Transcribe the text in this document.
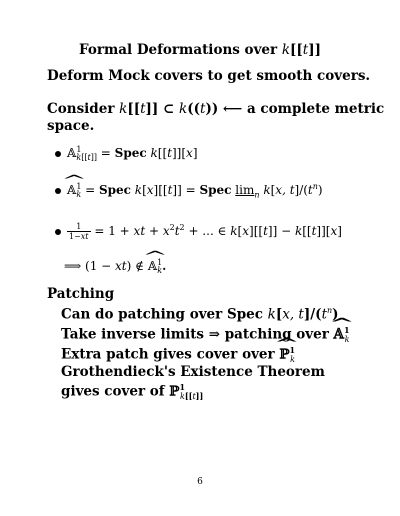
Formal Deformations over k[[t]]
Deform Mock covers to get smooth covers.
Consider k[[t]] ⊂ k((t)) ⟵ a complete metric
space.
𝔸$^1_{k[[t]]}$ = Spec k[[t]][x]
^ 𝔸$^1_k$ = Spec k[x][[t]] = Spec $\lim_n k[x$, $t]/(t^n)$
$\frac{1}{1-xt} = 1$ + xt + $x^2t^2$ + ... ∈ k[x][[t]] − k[[t]][x]
⟹ (1 − xt) ∉ ^ 𝔸$^1_k$.
Patching
Can do patching over Spec k[x, $t]/(t^n)$
Take inverse limits ⇒ patching over ^ 𝔸$^1_k$
Extra patch gives cover over ^ ℙ$^1_k$
Grothendieck's Existence Theorem
gives cover of ℙ$^1_{k[[t]]}$
6
